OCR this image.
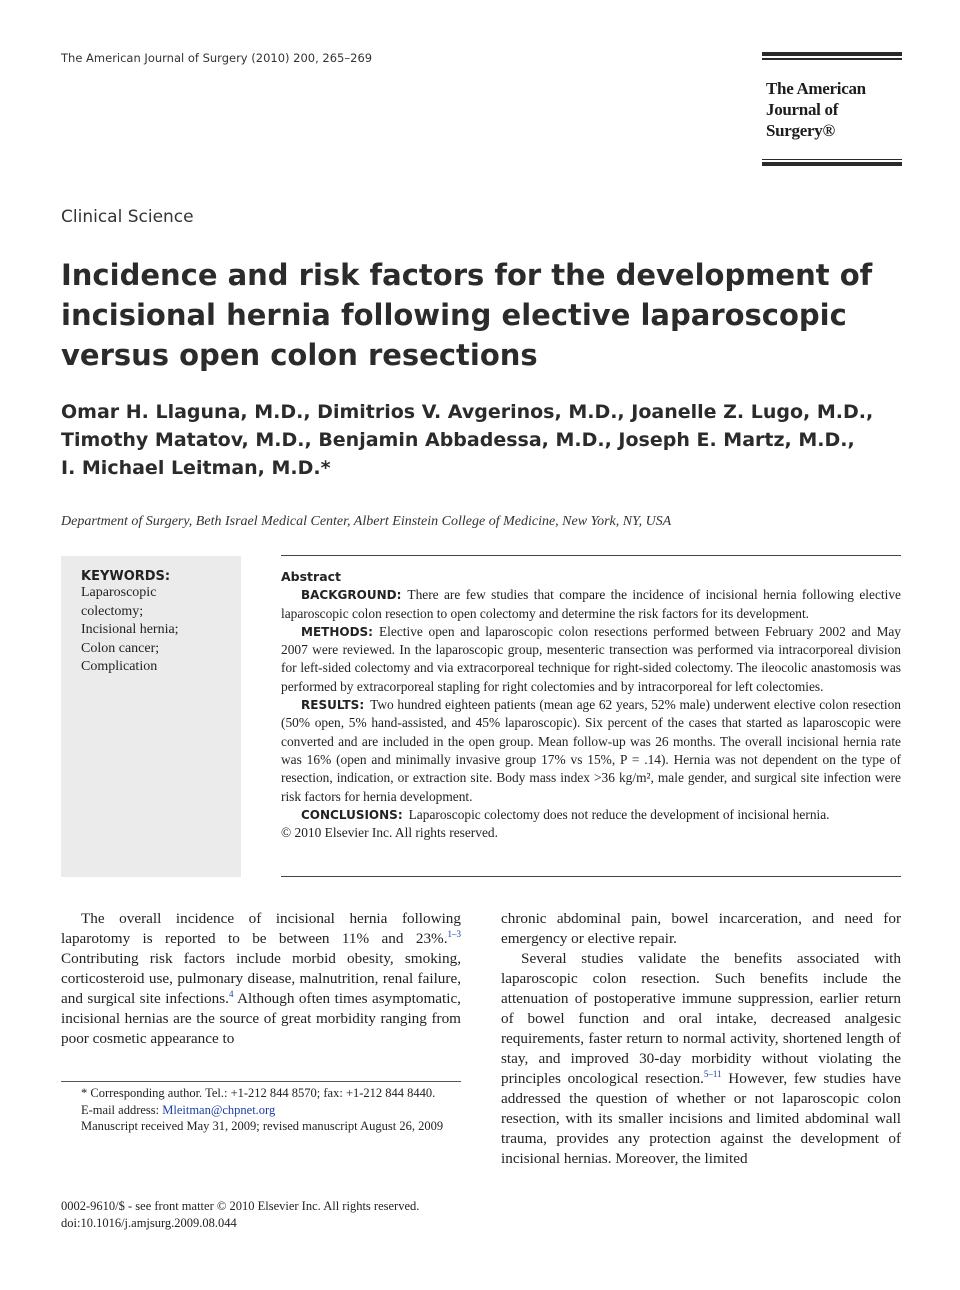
The American Journal of Surgery (2010) 200, 265–269
The American
Journal of Surgery®
Clinical Science
Incidence and risk factors for the development of incisional hernia following elective laparoscopic versus open colon resections
Omar H. Llaguna, M.D., Dimitrios V. Avgerinos, M.D., Joanelle Z. Lugo, M.D.,
Timothy Matatov, M.D., Benjamin Abbadessa, M.D., Joseph E. Martz, M.D.,
I. Michael Leitman, M.D.*
Department of Surgery, Beth Israel Medical Center, Albert Einstein College of Medicine, New York, NY, USA
KEYWORDS:
Laparoscopic
colectomy;
Incisional hernia;
Colon cancer;
Complication
Abstract

BACKGROUND: There are few studies that compare the incidence of incisional hernia following elective laparoscopic colon resection to open colectomy and determine the risk factors for its development.

METHODS: Elective open and laparoscopic colon resections performed between February 2002 and May 2007 were reviewed. In the laparoscopic group, mesenteric transection was performed via intracorporeal division for left-sided colectomy and via extracorporeal technique for right-sided colectomy. The ileocolic anastomosis was performed by extracorporeal stapling for right colectomies and by intracorporeal for left colectomies.

RESULTS: Two hundred eighteen patients (mean age 62 years, 52% male) underwent elective colon resection (50% open, 5% hand-assisted, and 45% laparoscopic). Six percent of the cases that started as laparoscopic were converted and are included in the open group. Mean follow-up was 26 months. The overall incisional hernia rate was 16% (open and minimally invasive group 17% vs 15%, P = .14). Hernia was not dependent on the type of resection, indication, or extraction site. Body mass index >36 kg/m², male gender, and surgical site infection were risk factors for hernia development.

CONCLUSIONS: Laparoscopic colectomy does not reduce the development of incisional hernia.

© 2010 Elsevier Inc. All rights reserved.

The overall incidence of incisional hernia following laparotomy is reported to be between 11% and 23%.$^{1-3}$ Contributing risk factors include morbid obesity, smoking, corticosteroid use, pulmonary disease, malnutrition, renal failure, and surgical site infections.$^4$ Although often times asymptomatic, incisional hernias are the source of great morbidity ranging from poor cosmetic appearance to

chronic abdominal pain, bowel incarceration, and need for emergency or elective repair.

Several studies validate the benefits associated with laparoscopic colon resection. Such benefits include the attenuation of postoperative immune suppression, earlier return of bowel function and oral intake, decreased analgesic requirements, faster return to normal activity, shortened length of stay, and improved 30-day morbidity without violating the principles oncological resection.$^{5-11}$ However, few studies have addressed the question of whether or not laparoscopic colon resection, with its smaller incisions and limited abdominal wall trauma, provides any protection against the development of incisional hernias. Moreover, the limited

* Corresponding author. Tel.: +1-212 844 8570; fax: +1-212 844 8440.

E-mail address: Mleitman@chpnet.org

Manuscript received May 31, 2009; revised manuscript August 26, 2009

0002-9610/$ - see front matter © 2010 Elsevier Inc. All rights reserved.
doi:10.1016/j.amjsurg.2009.08.044
